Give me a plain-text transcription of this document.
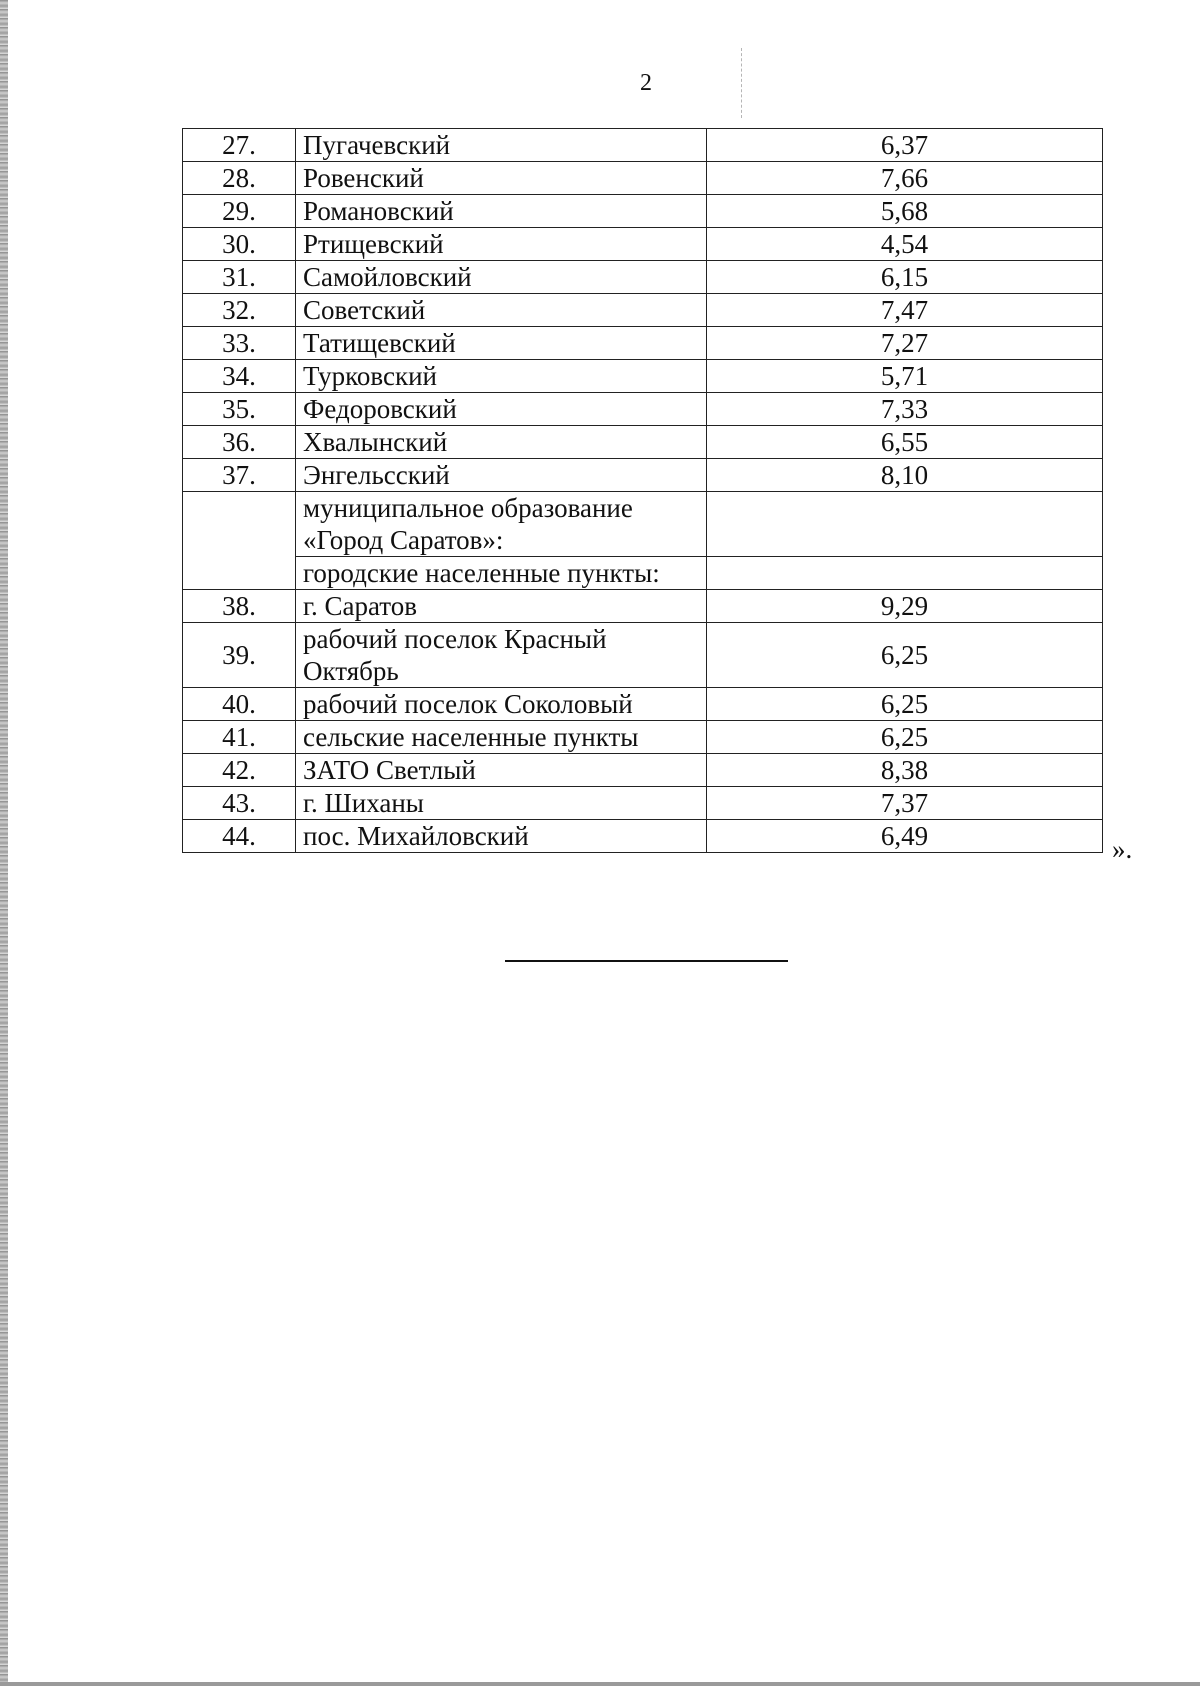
2
27.	Пугачевский	6,37
28.	Ровенский	7,66
29.	Романовский	5,68
30.	Ртищевский	4,54
31.	Самойловский	6,15
32.	Советский	7,47
33.	Татищевский	7,27
34.	Турковский	5,71
35.	Федоровский	7,33
36.	Хвалынский	6,55
37.	Энгельсский	8,10
	муниципальное образование «Город Саратов»:	
	городские населенные пункты:	
38.	г. Саратов	9,29
39.	рабочий поселок Красный Октябрь	6,25
40.	рабочий поселок Соколовый	6,25
41.	сельские населенные пункты	6,25
42.	ЗАТО Светлый	8,38
43.	г. Шиханы	7,37
44.	пос. Михайловский	6,49	».
